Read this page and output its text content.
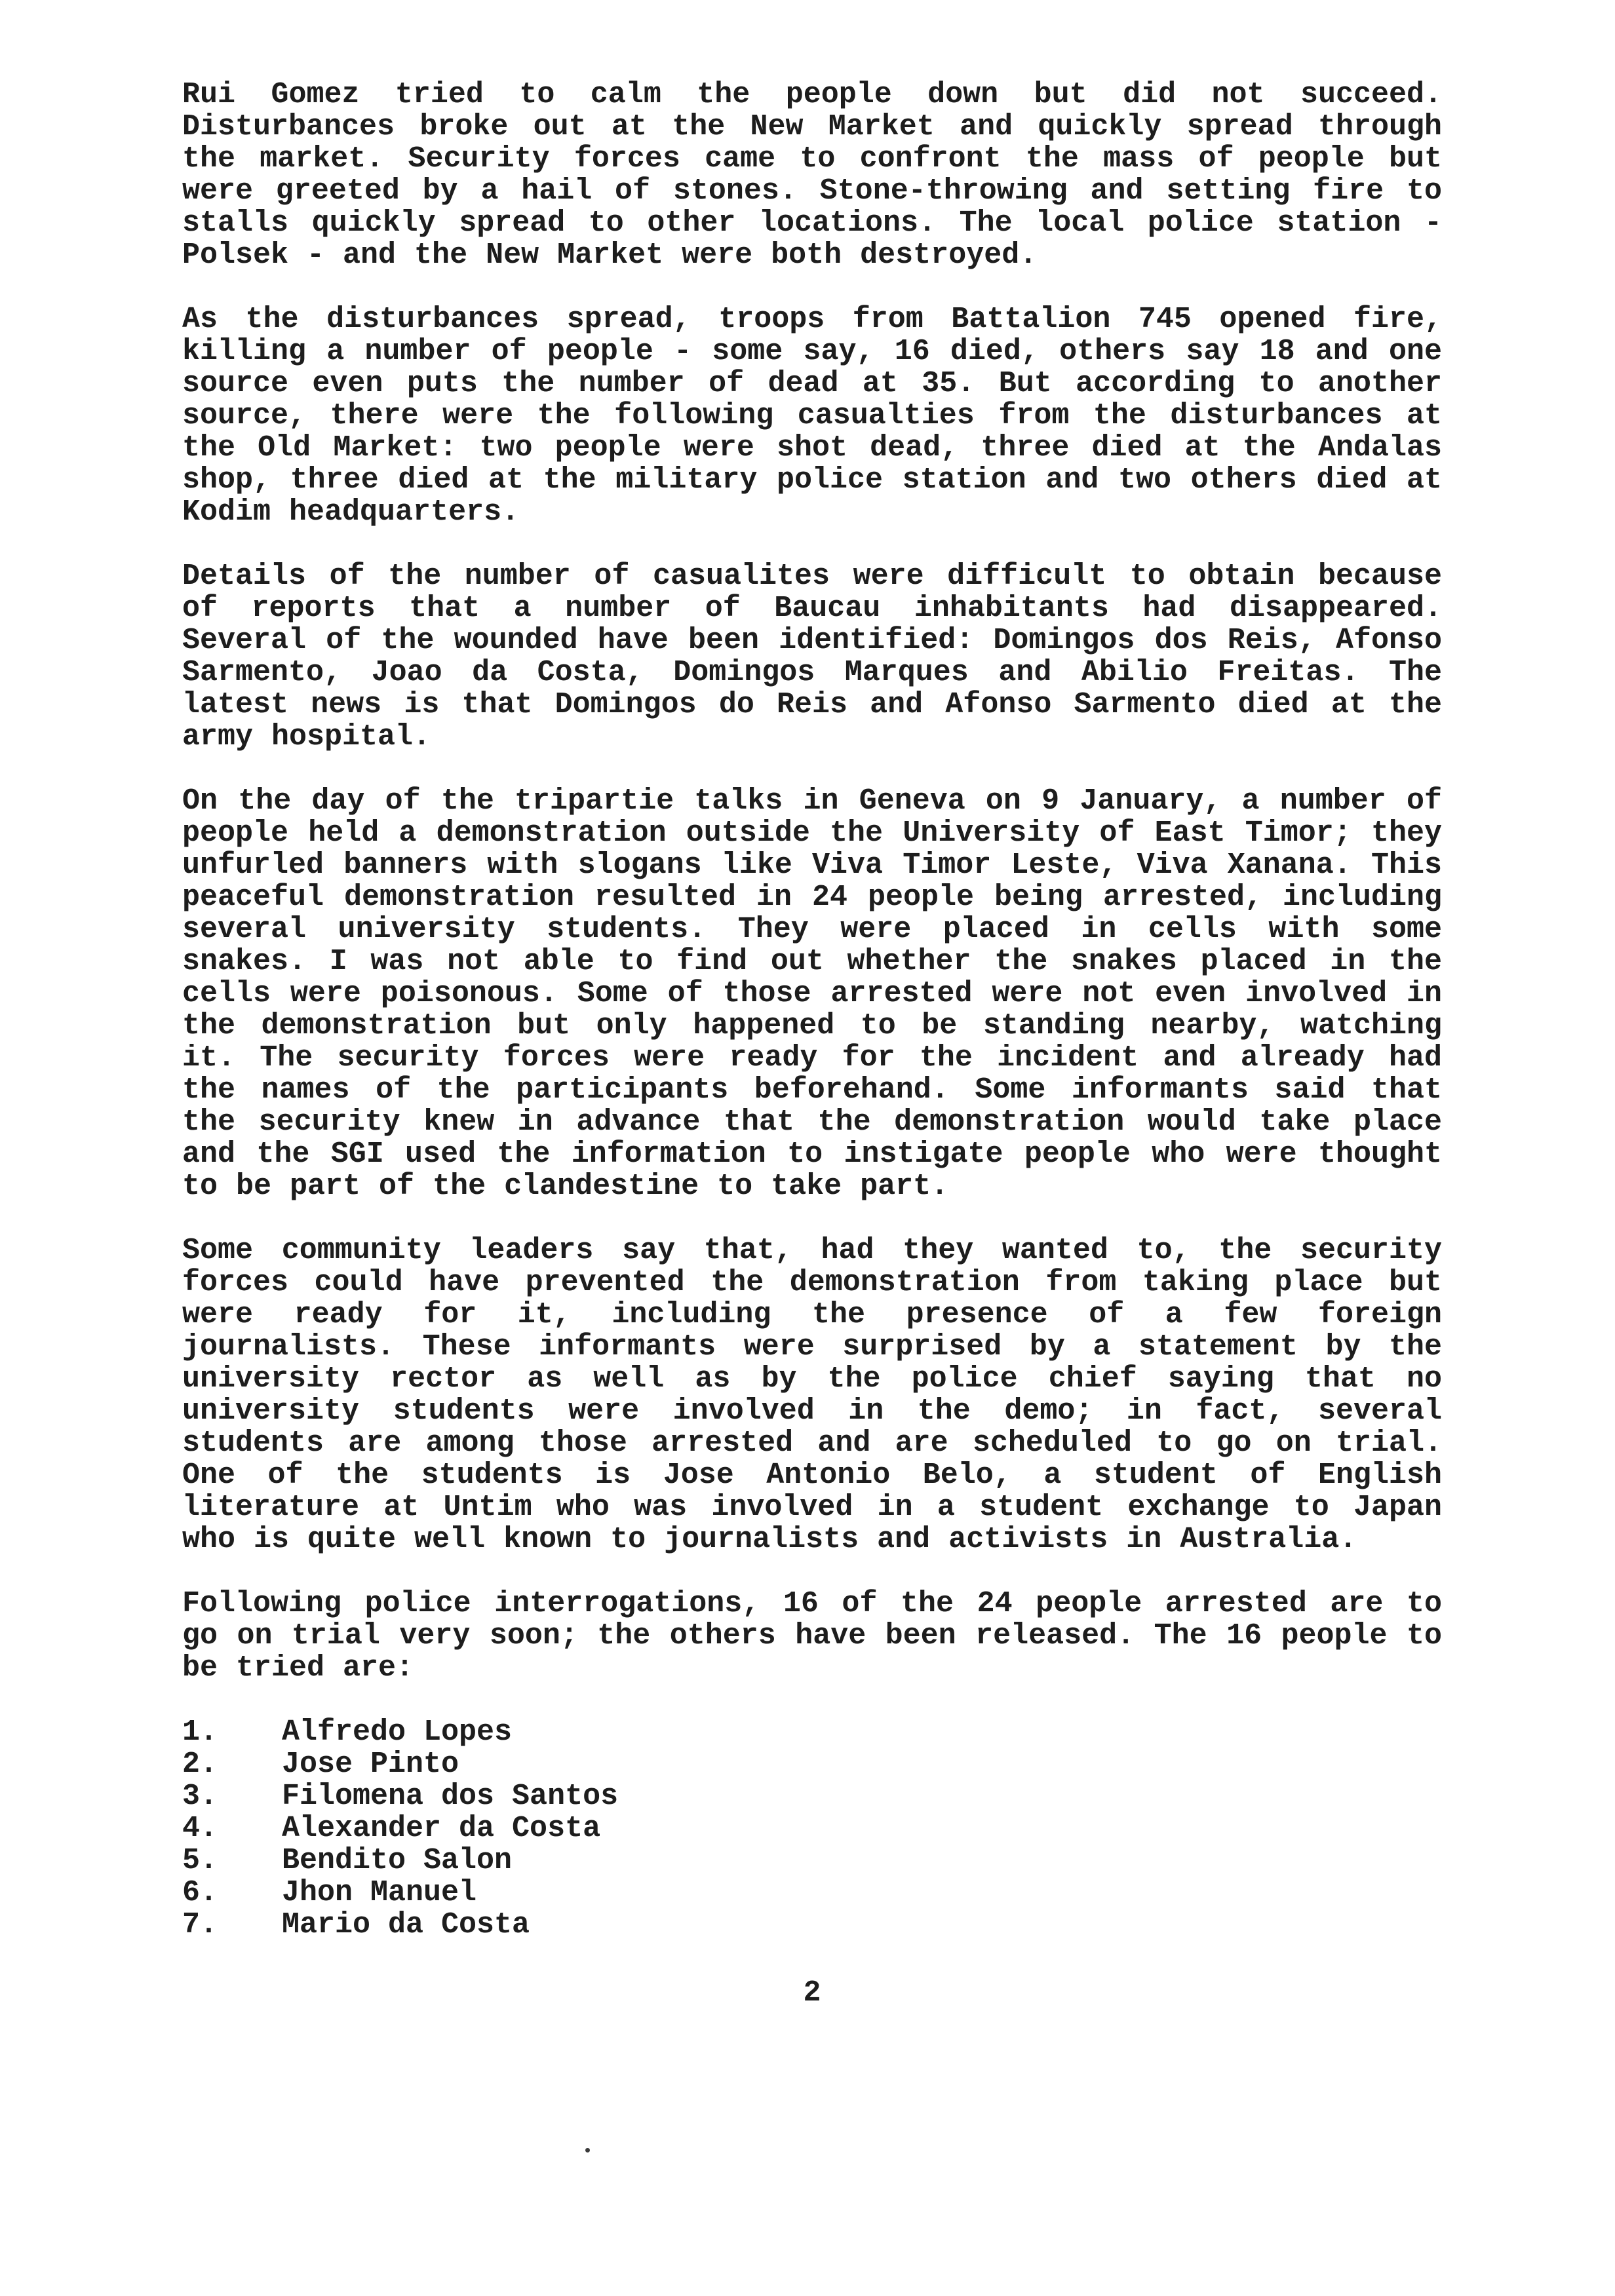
Rui Gomez tried to calm the people down but did not succeed. Disturbances broke out at the New Market and quickly spread through the market. Security forces came to confront the mass of people but were greeted by a hail of stones. Stone-throwing and setting fire to stalls quickly spread to other locations. The local police station - Polsek - and the New Market were both destroyed.

As the disturbances spread, troops from Battalion 745 opened fire, killing a number of people - some say, 16 died, others say 18 and one source even puts the number of dead at 35. But according to another source, there were the following casualties from the disturbances at the Old Market: two people were shot dead, three died at the Andalas shop, three died at the military police station and two others died at Kodim headquarters.

Details of the number of casualites were difficult to obtain because of reports that a number of Baucau inhabitants had disappeared. Several of the wounded have been identified: Domingos dos Reis, Afonso Sarmento, Joao da Costa, Domingos Marques and Abilio Freitas. The latest news is that Domingos do Reis and Afonso Sarmento died at the army hospital.

On the day of the tripartie talks in Geneva on 9 January, a number of people held a demonstration outside the University of East Timor; they unfurled banners with slogans like Viva Timor Leste, Viva Xanana. This peaceful demonstration resulted in 24 people being arrested, including several university students. They were placed in cells with some snakes. I was not able to find out whether the snakes placed in the cells were poisonous. Some of those arrested were not even involved in the demonstration but only happened to be standing nearby, watching it. The security forces were ready for the incident and already had the names of the participants beforehand. Some informants said that the security knew in advance that the demonstration would take place and the SGI used the information to instigate people who were thought to be part of the clandestine to take part.

Some community leaders say that, had they wanted to, the security forces could have prevented the demonstration from taking place but were ready for it, including the presence of a few foreign journalists. These informants were surprised by a statement by the university rector as well as by the police chief saying that no university students were involved in the demo; in fact, several students are among those arrested and are scheduled to go on trial. One of the students is Jose Antonio Belo, a student of English literature at Untim who was involved in a student exchange to Japan who is quite well known to journalists and activists in Australia.

Following police interrogations, 16 of the 24 people arrested are to go on trial very soon; the others have been released. The 16 people to be tried are:

1.	Alfredo Lopes
2.	Jose Pinto
3.	Filomena dos Santos
4.	Alexander da Costa
5.	Bendito Salon
6.	Jhon Manuel
7.	Mario da Costa
2
